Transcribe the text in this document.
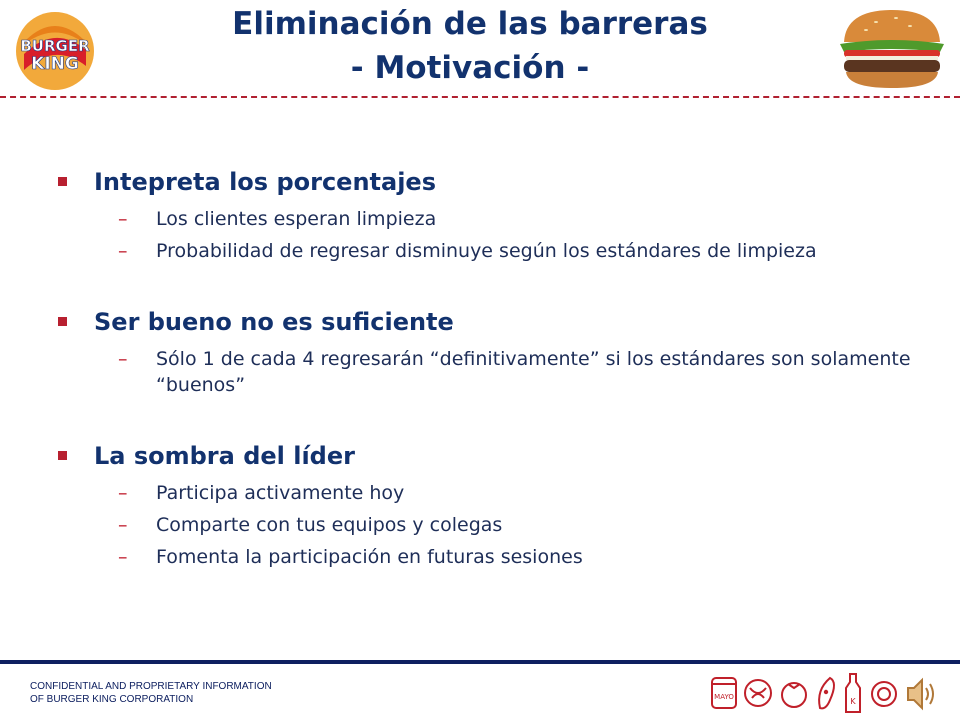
BURGER
KING
Eliminación de las barreras
- Motivación -
Intepreta los porcentajes
–	Los clientes esperan limpieza
–	Probabilidad de regresar disminuye según los estándares de limpieza
Ser bueno no es suficiente
–	Sólo 1 de cada 4 regresarán “definitivamente” si los estándares son solamente “buenos”
La sombra del líder
–	Participa activamente hoy
–	Comparte con tus equipos y colegas
–	Fomenta la participación en futuras sesiones
CONFIDENTIAL AND PROPRIETARY INFORMATION
OF BURGER KING CORPORATION	MAYO	K
